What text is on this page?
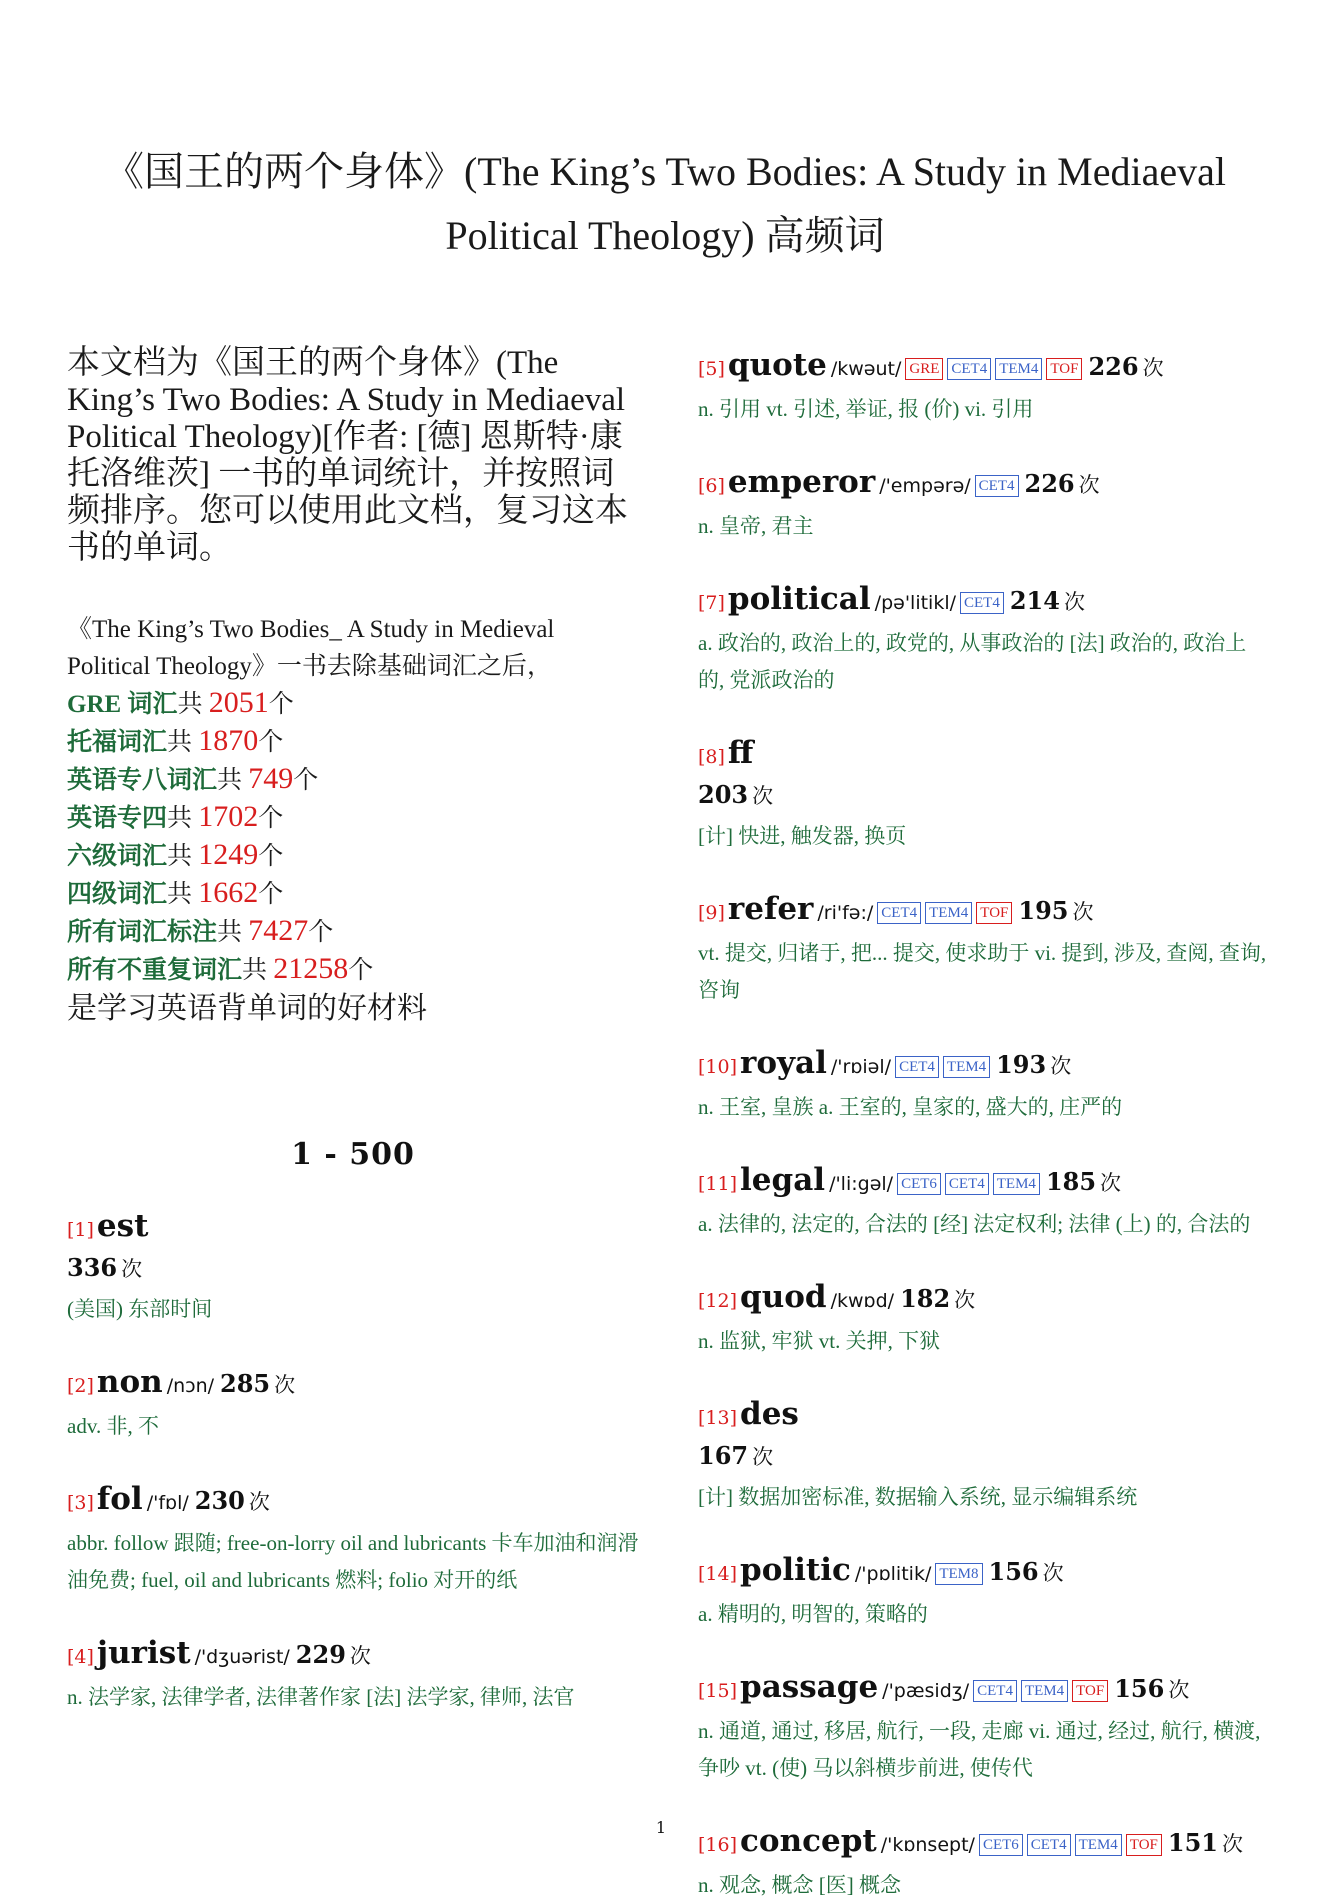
《国王的两个身体》(The King’s Two Bodies: A Study in Mediaeval Political Theology) 高频词
本文档为《国王的两个身体》(The King’s Two Bodies: A Study in Mediaeval Political Theology)[作者: [德] 恩斯特·康托洛维茨] 一书的单词统计，并按照词频排序。您可以使用此文档，复习这本书的单词。
《The King’s Two Bodies_ A Study in Medieval Political Theology》一书去除基础词汇之后，
GRE 词汇共 2051个
托福词汇共 1870个
英语专八词汇共 749个
英语专四共 1702个
六级词汇共 1249个
四级词汇共 1662个
所有词汇标注共 7427个
所有不重复词汇共 21258个
是学习英语背单词的好材料
1 - 500
[1]est
336 次
(美国) 东部时间
[2]non /nɔn/ 285 次
adv. 非, 不
[3]fol /'fɒl/ 230 次
abbr. follow 跟随; free-on-lorry oil and lubricants 卡车加油和润滑油免费; fuel, oil and lubricants 燃料; folio 对开的纸
[4]jurist /'dʒuərist/ 229 次
n. 法学家, 法律学者, 法律著作家 [法] 法学家, 律师, 法官
[5]quote /kwəut/ GRE CET4 TEM4 TOF 226 次
n. 引用 vt. 引述, 举证, 报 (价) vi. 引用
[6]emperor /'empərə/ CET4 226 次
n. 皇帝, 君主
[7]political /pə'litikl/ CET4 214 次
a. 政治的, 政治上的, 政党的, 从事政治的 [法] 政治的, 政治上的, 党派政治的
[8]ff
203 次
[计] 快进, 触发器, 换页
[9]refer /ri'fə:/ CET4 TEM4 TOF 195 次
vt. 提交, 归诸于, 把... 提交, 使求助于 vi. 提到, 涉及, 查阅, 查询, 咨询
[10]royal /'rɒiəl/ CET4 TEM4 193 次
n. 王室, 皇族 a. 王室的, 皇家的, 盛大的, 庄严的
[11]legal /'li:gəl/ CET6 CET4 TEM4 185 次
a. 法律的, 法定的, 合法的 [经] 法定权利; 法律 (上) 的, 合法的
[12]quod /kwɒd/ 182 次
n. 监狱, 牢狱 vt. 关押, 下狱
[13]des
167 次
[计] 数据加密标准, 数据输入系统, 显示编辑系统
[14]politic /'pɒlitik/ TEM8 156 次
a. 精明的, 明智的, 策略的
[15]passage /'pæsidʒ/ CET4 TEM4 TOF 156 次
n. 通道, 通过, 移居, 航行, 一段, 走廊 vi. 通过, 经过, 航行, 横渡, 争吵 vt. (使) 马以斜横步前进, 使传代
[16]concept /'kɒnsept/ CET6 CET4 TEM4 TOF 151 次
n. 观念, 概念 [医] 概念
1
